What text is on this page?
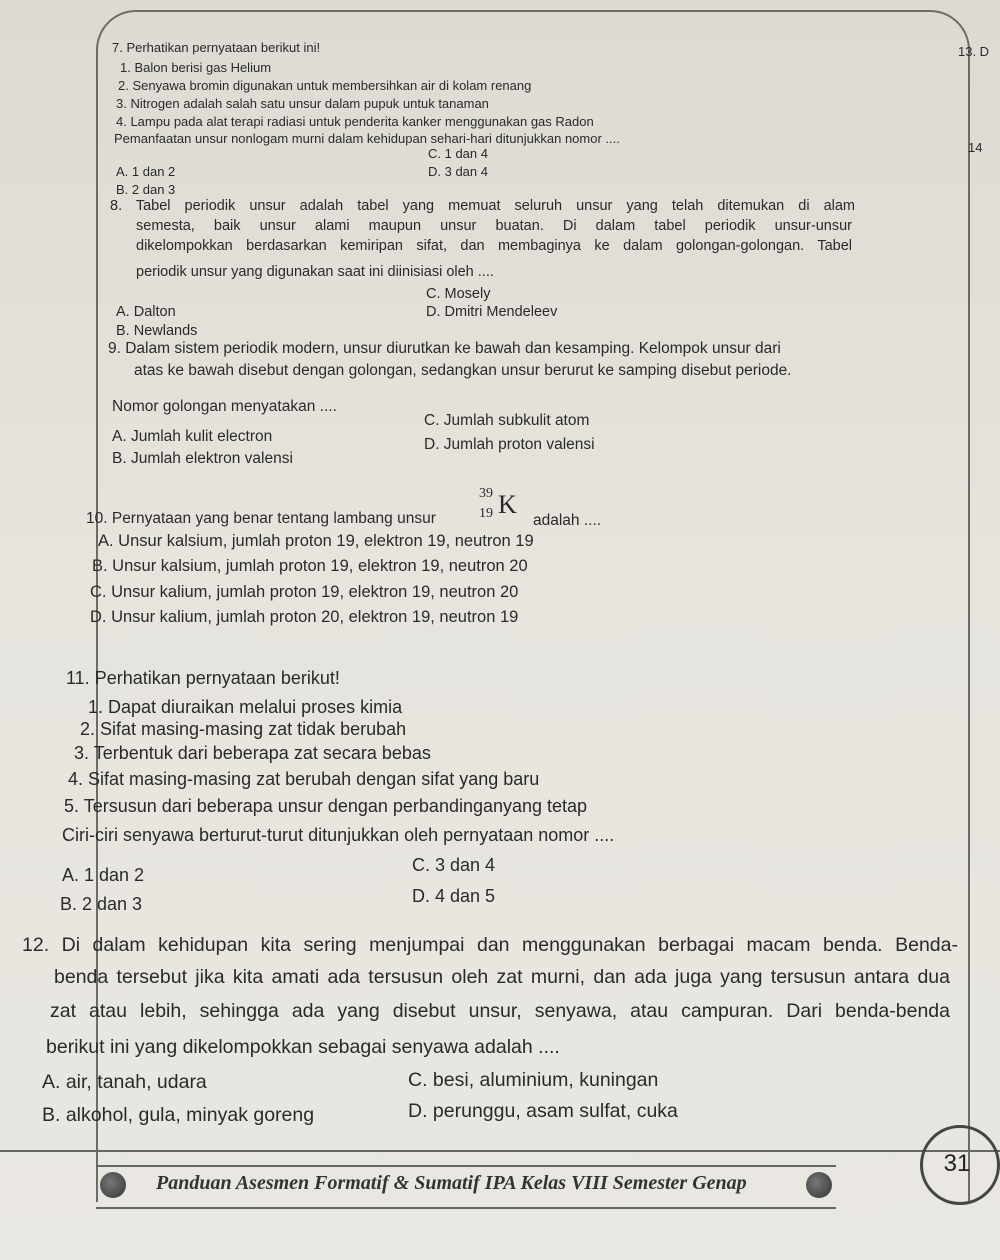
13. D
14
7. Perhatikan pernyataan berikut ini!
1. Balon berisi gas Helium
2. Senyawa bromin digunakan untuk membersihkan air di kolam renang
3. Nitrogen adalah salah satu unsur dalam pupuk untuk tanaman
4. Lampu pada alat terapi radiasi untuk penderita kanker menggunakan gas Radon
Pemanfaatan unsur nonlogam murni dalam kehidupan sehari-hari ditunjukkan nomor ....
C. 1 dan 4
A. 1 dan 2	D. 3 dan 4
B. 2 dan 3
8. Tabel periodik unsur adalah tabel yang memuat seluruh unsur yang telah ditemukan di alam
semesta, baik unsur alami maupun unsur buatan. Di dalam tabel periodik unsur-unsur
dikelompokkan berdasarkan kemiripan sifat, dan membaginya ke dalam golongan-golongan. Tabel
periodik unsur yang digunakan saat ini diinisiasi oleh ....
C. Mosely
A. Dalton	D. Dmitri Mendeleev
B. Newlands
9. Dalam sistem periodik modern, unsur diurutkan ke bawah dan kesamping. Kelompok unsur dari
atas ke bawah disebut dengan golongan, sedangkan unsur berurut ke samping disebut periode.
Nomor golongan menyatakan ....
C. Jumlah subkulit atom
A. Jumlah kulit electron	D. Jumlah proton valensi
B. Jumlah elektron valensi
10. Pernyataan yang benar tentang lambang unsur
39
19 K
adalah ....
A. Unsur kalsium, jumlah proton 19, elektron 19, neutron 19
B. Unsur kalsium, jumlah proton 19, elektron 19, neutron 20
C. Unsur kalium, jumlah proton 19, elektron 19, neutron 20
D. Unsur kalium, jumlah proton 20, elektron 19, neutron 19
11. Perhatikan pernyataan berikut!
1. Dapat diuraikan melalui proses kimia
2. Sifat masing-masing zat tidak berubah
3. Terbentuk dari beberapa zat secara bebas
4. Sifat masing-masing zat berubah dengan sifat yang baru
5. Tersusun dari beberapa unsur dengan perbandinganyang tetap
Ciri-ciri senyawa berturut-turut ditunjukkan oleh pernyataan nomor ....
C. 3 dan 4
A. 1 dan 2
D. 4 dan 5
B. 2 dan 3
12. Di dalam kehidupan kita sering menjumpai dan menggunakan berbagai macam benda. Benda-
benda tersebut jika kita amati ada tersusun oleh zat murni, dan ada juga yang tersusun antara dua
zat atau lebih, sehingga ada yang disebut unsur, senyawa, atau campuran. Dari benda-benda
berikut ini yang dikelompokkan sebagai senyawa adalah ....
A. air, tanah, udara	C. besi, aluminium, kuningan
B. alkohol, gula, minyak goreng	D. perunggu, asam sulfat, cuka
Panduan Asesmen Formatif & Sumatif IPA Kelas VIII Semester Genap
31
